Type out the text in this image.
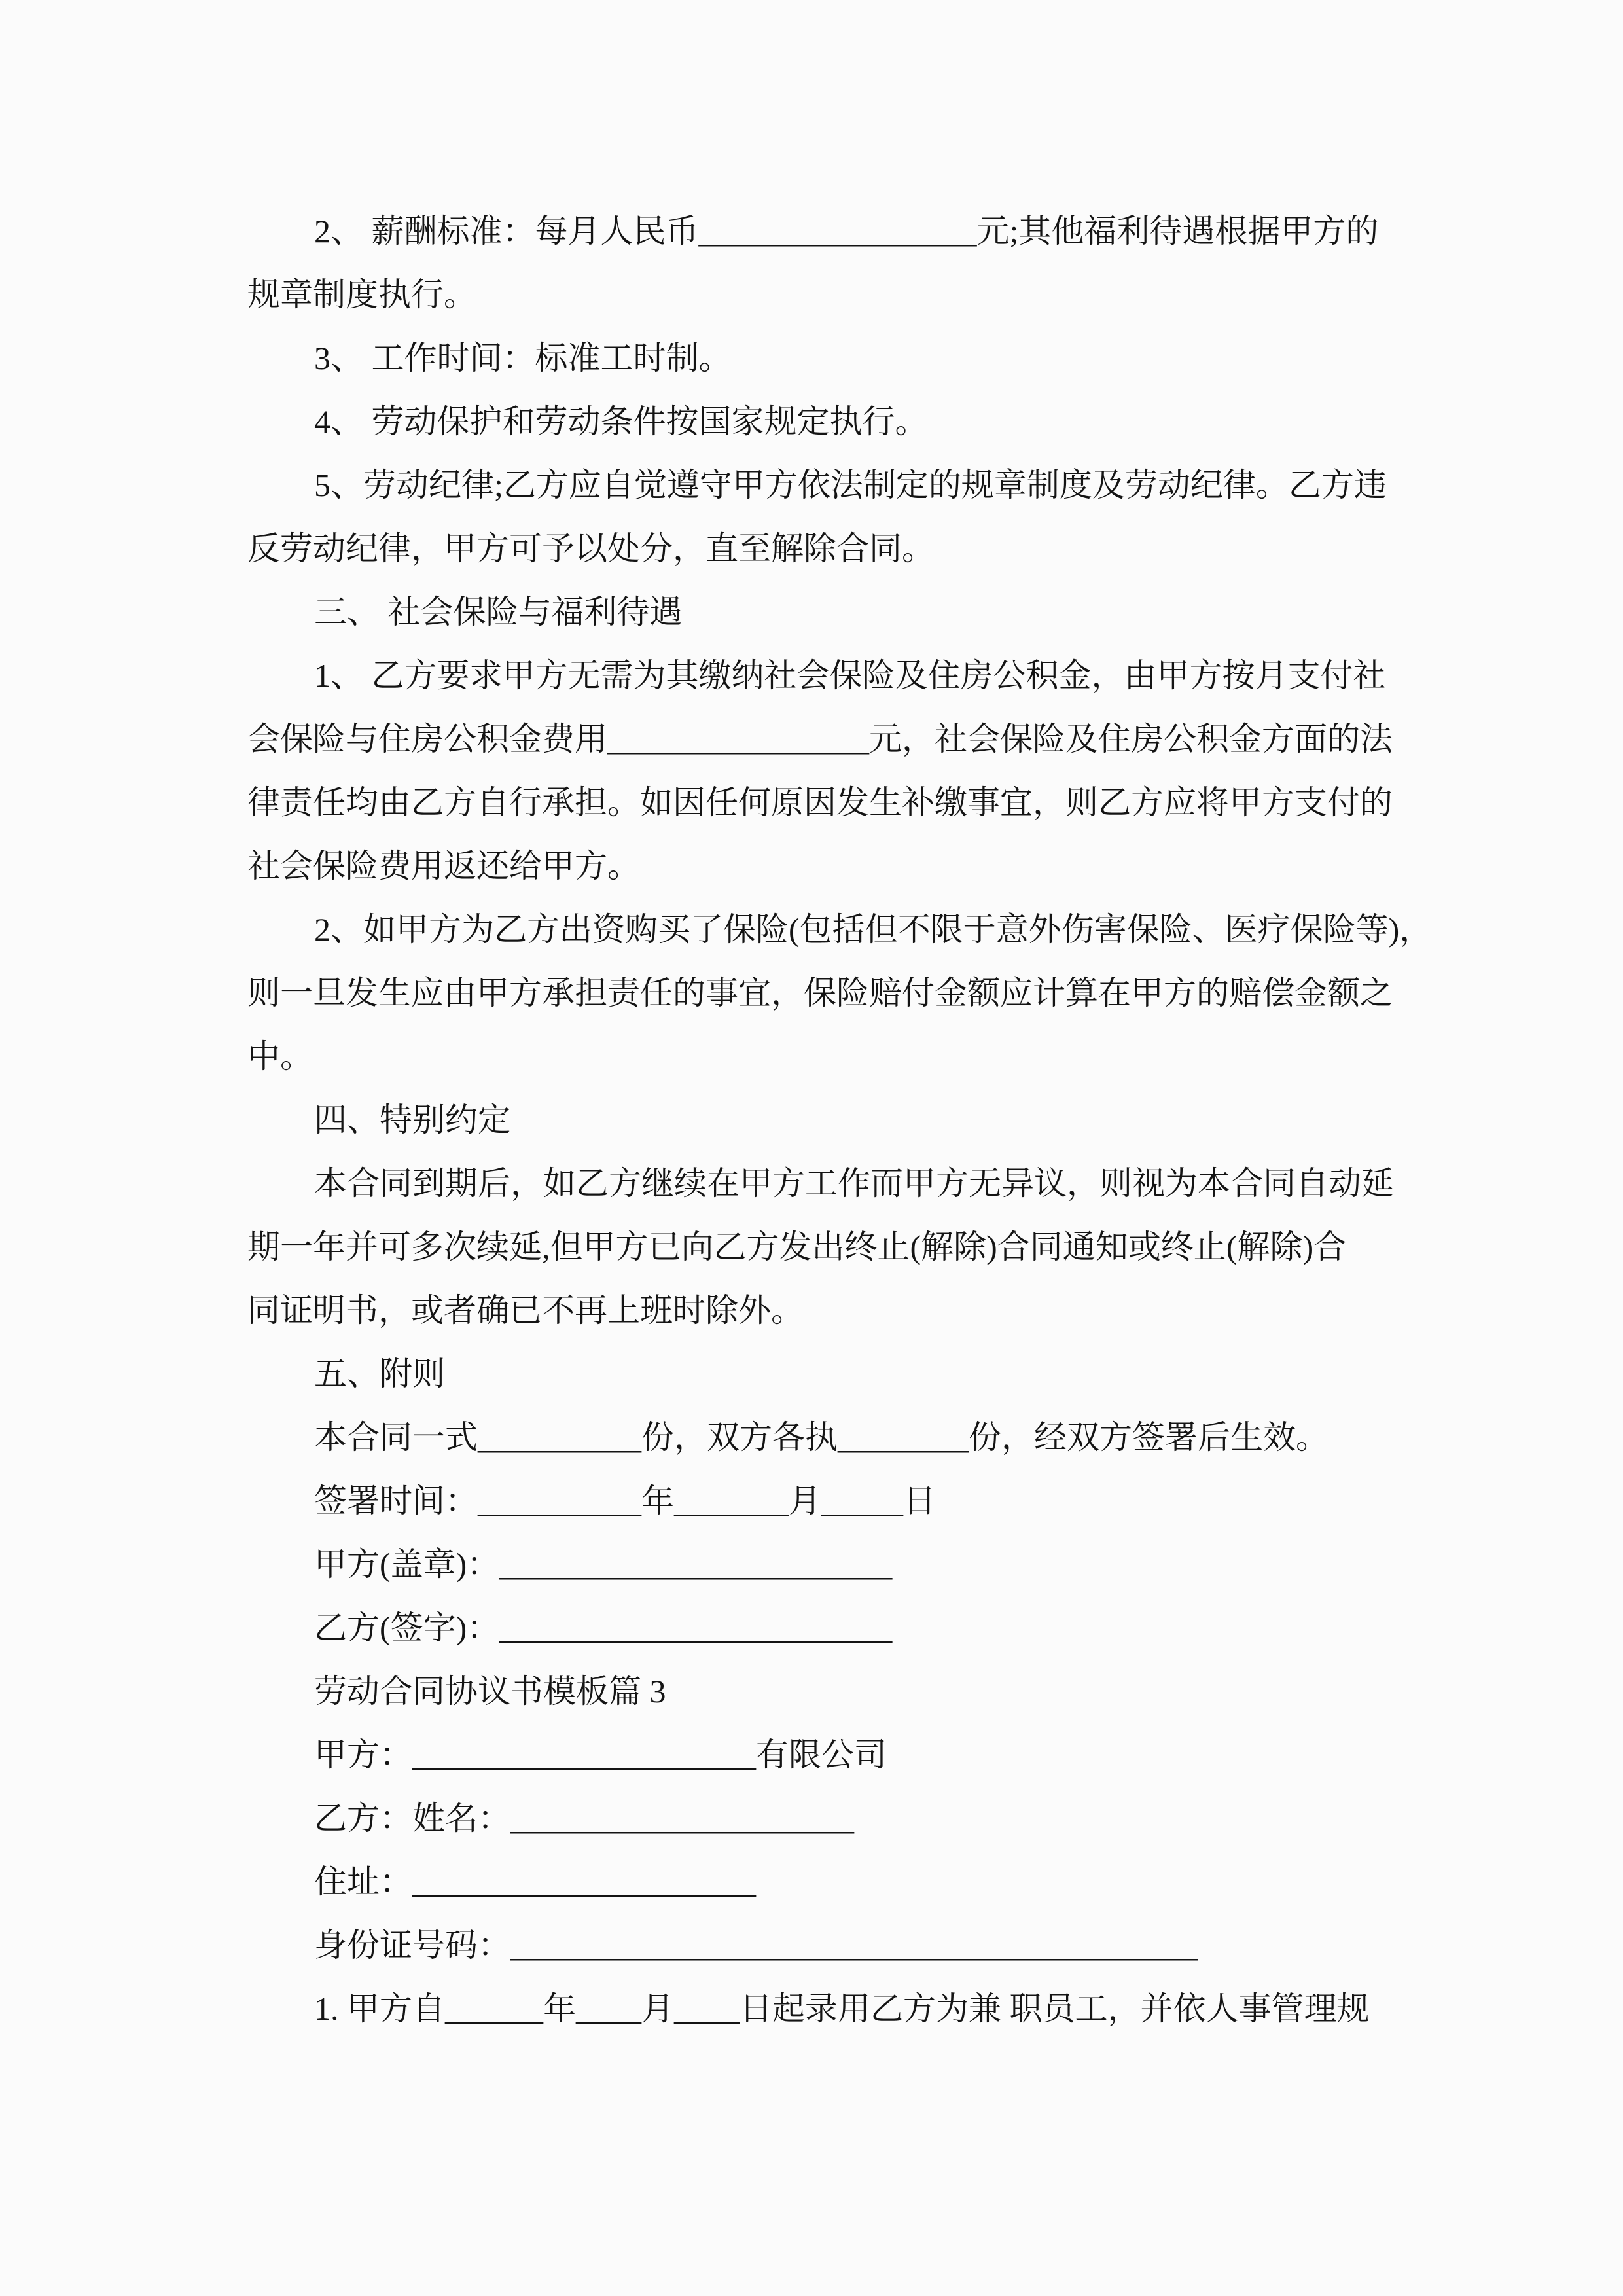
2、 薪酬标准：每月人民币_________________元;其他福利待遇根据甲方的
规章制度执行。
3、 工作时间：标准工时制。
4、 劳动保护和劳动条件按国家规定执行。
5、劳动纪律;乙方应自觉遵守甲方依法制定的规章制度及劳动纪律。乙方违
反劳动纪律，甲方可予以处分，直至解除合同。
三、 社会保险与福利待遇
1、 乙方要求甲方无需为其缴纳社会保险及住房公积金，由甲方按月支付社
会保险与住房公积金费用________________元，社会保险及住房公积金方面的法
律责任均由乙方自行承担。如因任何原因发生补缴事宜，则乙方应将甲方支付的
社会保险费用返还给甲方。
2、如甲方为乙方出资购买了保险(包括但不限于意外伤害保险、医疗保险等)，
则一旦发生应由甲方承担责任的事宜，保险赔付金额应计算在甲方的赔偿金额之
中。
四、特别约定
本合同到期后，如乙方继续在甲方工作而甲方无异议，则视为本合同自动延
期一年并可多次续延,但甲方已向乙方发出终止(解除)合同通知或终止(解除)合
同证明书，或者确已不再上班时除外。
五、附则
本合同一式__________份，双方各执________份，经双方签署后生效。
签署时间：__________年_______月_____日
甲方(盖章)：________________________
乙方(签字)：________________________
劳动合同协议书模板篇 3
甲方：_____________________有限公司
乙方：姓名：_____________________
住址：_____________________
身份证号码：__________________________________________
1. 甲方自______年____月____日起录用乙方为兼 职员工，并依人事管理规
